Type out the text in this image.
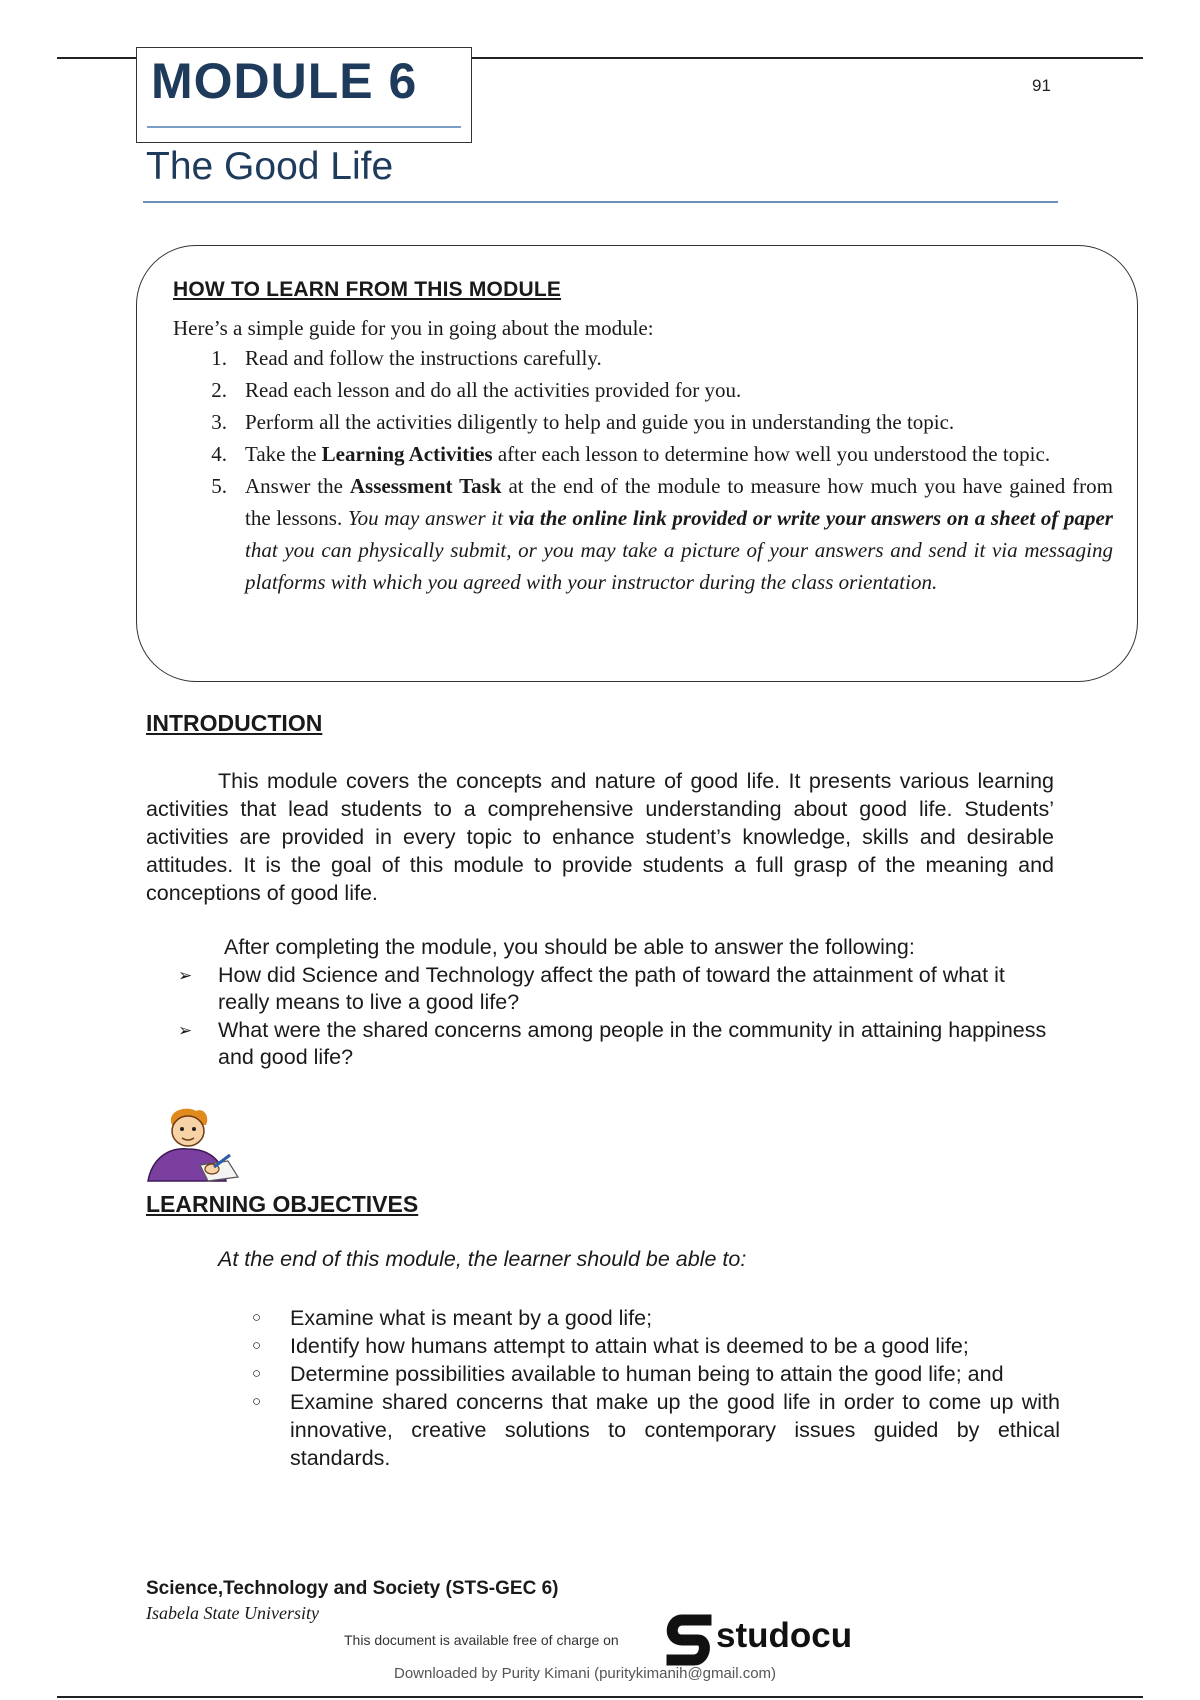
MODULE 6	91
The Good Life
HOW TO LEARN FROM THIS MODULE
Here’s a simple guide for you in going about the module:
1. Read and follow the instructions carefully.
2. Read each lesson and do all the activities provided for you.
3. Perform all the activities diligently to help and guide you in understanding the topic.
4. Take the Learning Activities after each lesson to determine how well you understood the topic.
5. Answer the Assessment Task at the end of the module to measure how much you have gained from the lessons. You may answer it via the online link provided or write your answers on a sheet of paper that you can physically submit, or you may take a picture of your answers and send it via messaging platforms with which you agreed with your instructor during the class orientation.
INTRODUCTION
This module covers the concepts and nature of good life. It presents various learning activities that lead students to a comprehensive understanding about good life. Students’ activities are provided in every topic to enhance student’s knowledge, skills and desirable attitudes. It is the goal of this module to provide students a full grasp of the meaning and conceptions of good life.
After completing the module, you should be able to answer the following:
➢	How did Science and Technology affect the path of toward the attainment of what it really means to live a good life?
➢	What were the shared concerns among people in the community in attaining happiness and good life?
LEARNING OBJECTIVES
At the end of this module, the learner should be able to:
○	Examine what is meant by a good life;
○	Identify how humans attempt to attain what is deemed to be a good life;
○	Determine possibilities available to human being to attain the good life; and
○	Examine shared concerns that make up the good life in order to come up with innovative, creative solutions to contemporary issues guided by ethical standards.
Science,Technology and Society (STS-GEC 6)
Isabela State University
This document is available free of charge on	studocu
Downloaded by Purity Kimani (puritykimanih@gmail.com)
